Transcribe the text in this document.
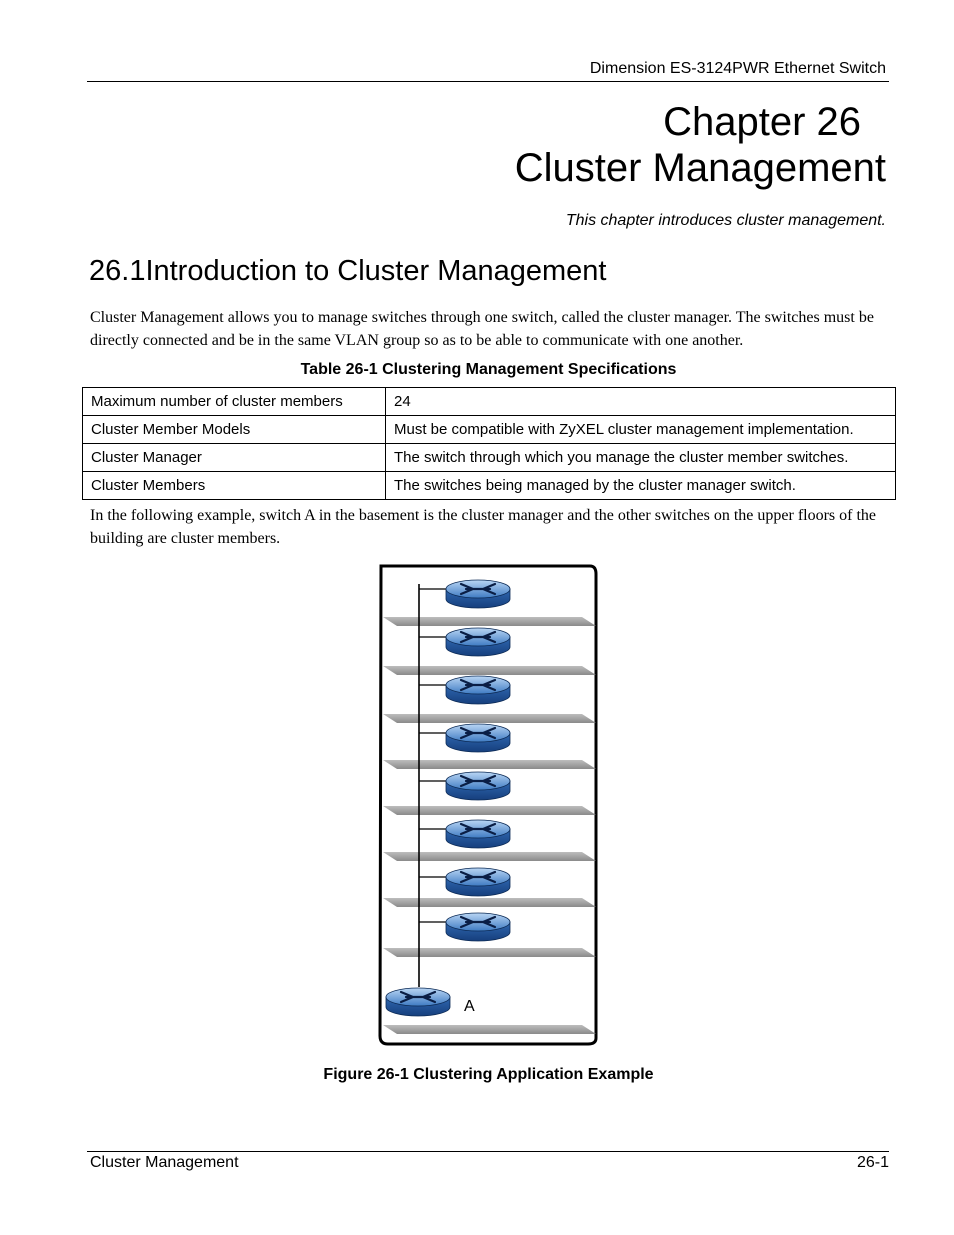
Dimension ES-3124PWR Ethernet Switch
Chapter 26
Cluster Management
This chapter introduces cluster management.
26.1Introduction to Cluster Management
Cluster Management allows you to manage switches through one switch, called the cluster manager. The switches must be directly connected and be in the same VLAN group so as to be able to communicate with one another.
Table 26-1 Clustering Management Specifications
Maximum number of cluster members	24
Cluster Member Models	Must be compatible with ZyXEL cluster management implementation.
Cluster Manager	The switch through which you manage the cluster member switches.
Cluster Members	The switches being managed by the cluster manager switch.
In the following example, switch A in the basement is the cluster manager and the other switches on the upper floors of the building are cluster members.
A
Figure 26-1 Clustering Application Example
Cluster Management	26-1
